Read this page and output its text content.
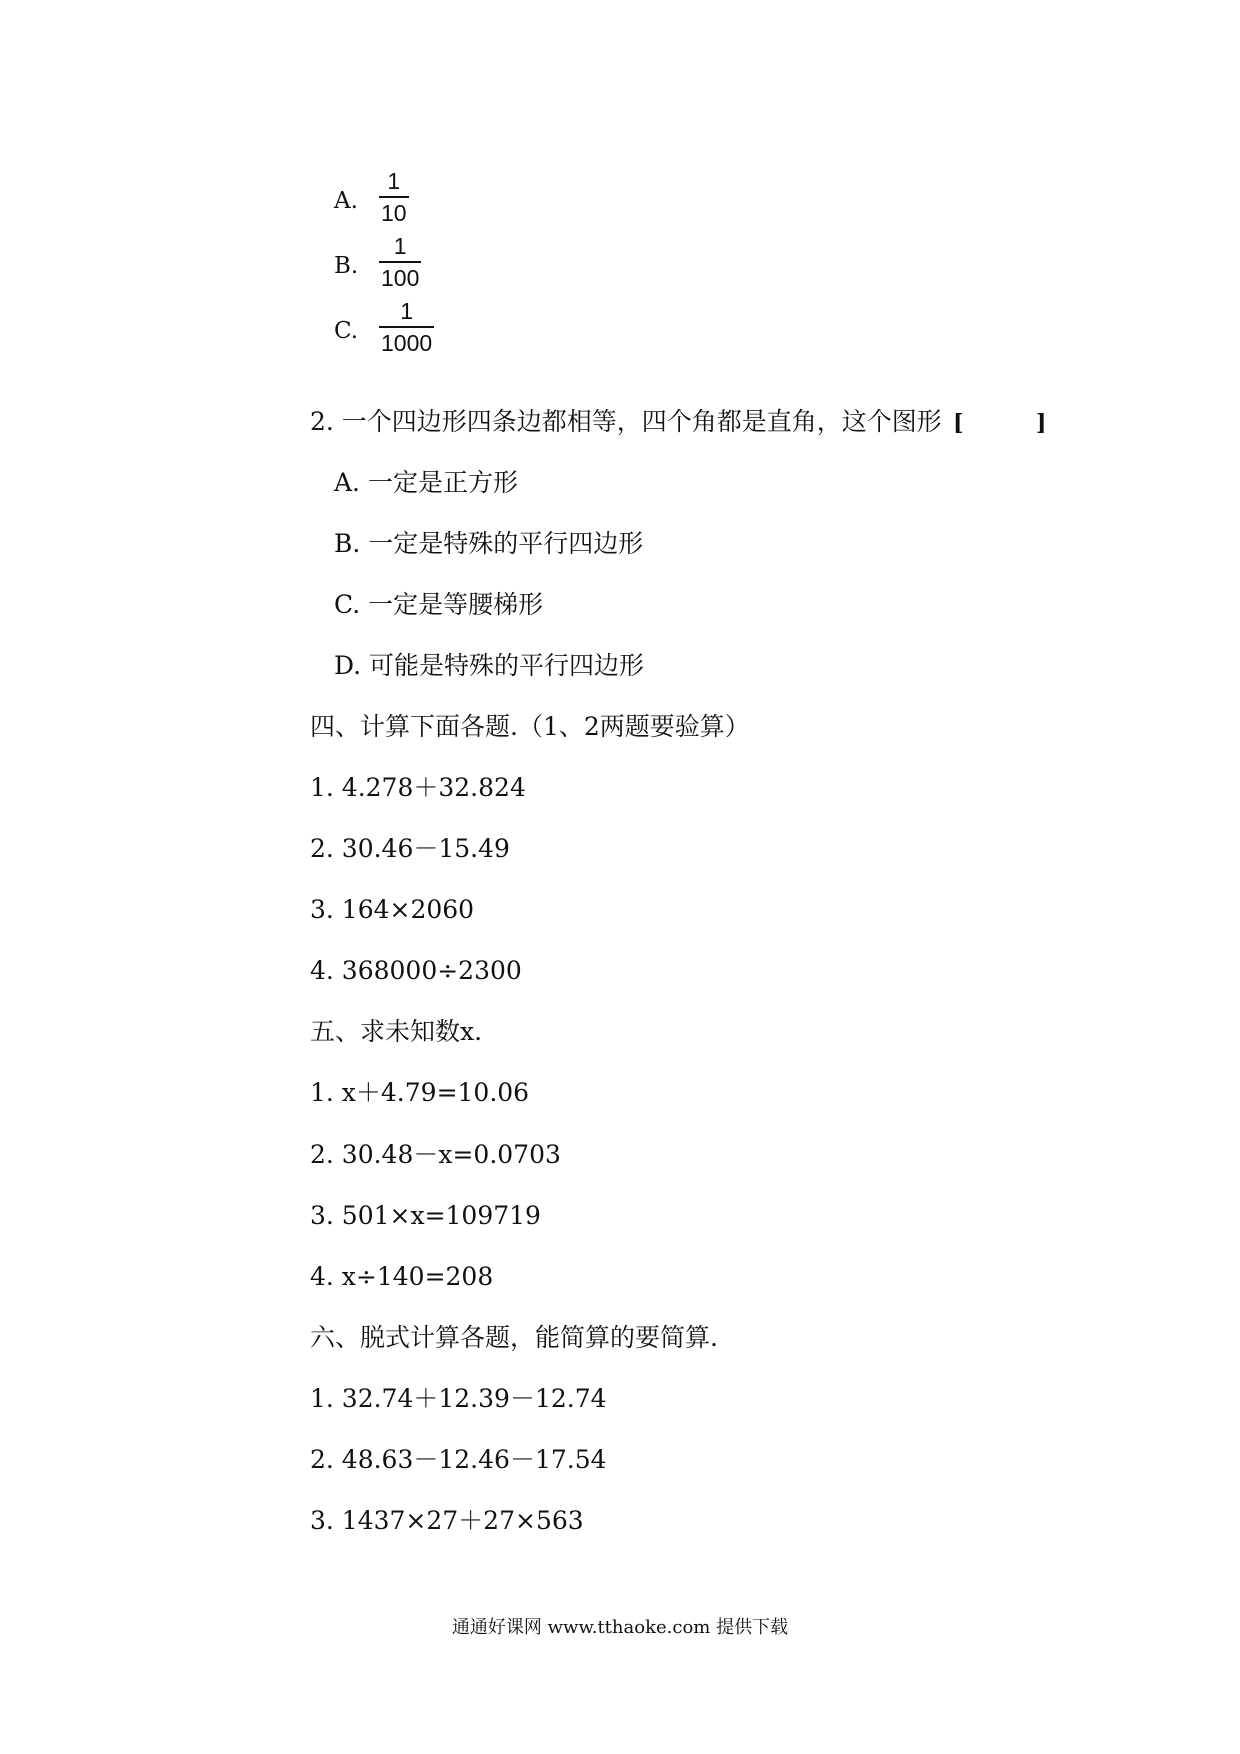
A.
1
10
B.
1
100
C.
1
1000
2. 一个四边形四条边都相等，四个角都是直角，这个图形 [	]
A. 一定是正方形
B. 一定是特殊的平行四边形
C. 一定是等腰梯形
D. 可能是特殊的平行四边形
四、计算下面各题.（1、2两题要验算）
1. 4.278＋32.824
2. 30.46－15.49
3. 164×2060
4. 368000÷2300
五、求未知数x.
1. x＋4.79=10.06
2. 30.48－x=0.0703
3. 501×x=109719
4. x÷140=208
六、脱式计算各题，能简算的要简算.
1. 32.74＋12.39－12.74
2. 48.63－12.46－17.54
3. 1437×27＋27×563
通通好课网 www.tthaoke.com 提供下载
